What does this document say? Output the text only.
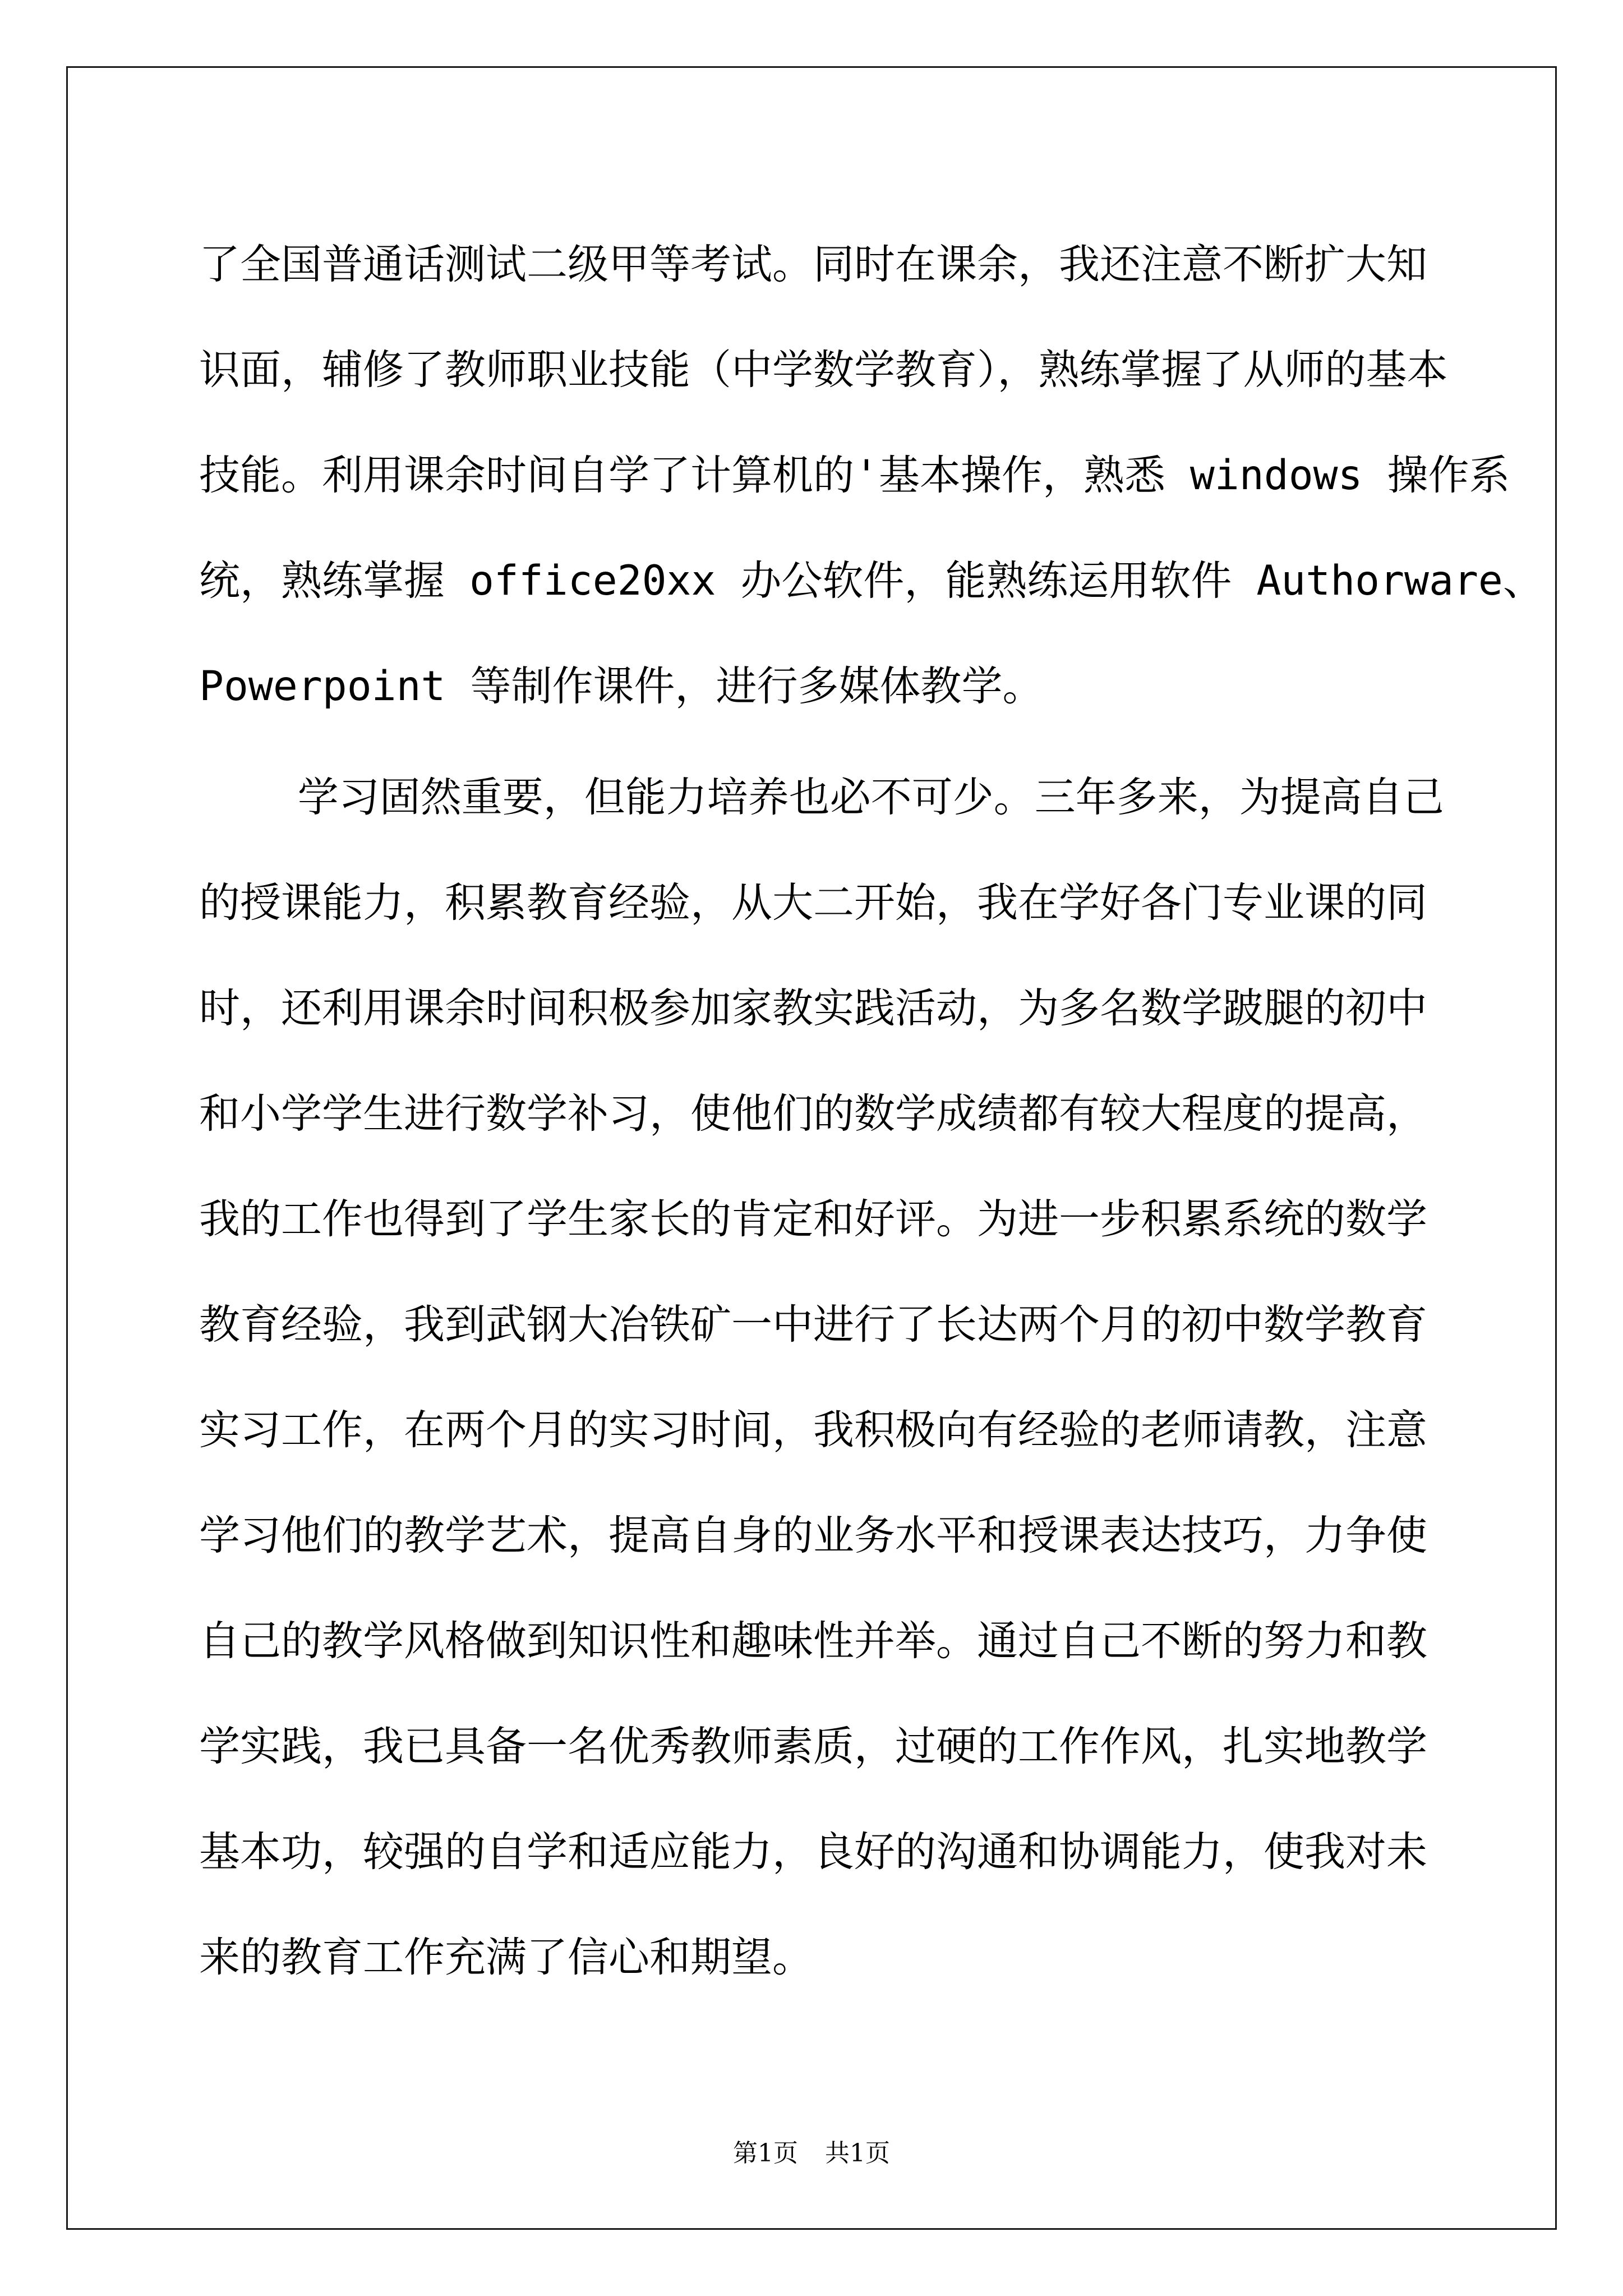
了全国普通话测试二级甲等考试。同时在课余，我还注意不断扩大知
识面，辅修了教师职业技能（中学数学教育），熟练掌握了从师的基本
技能。利用课余时间自学了计算机的'基本操作，熟悉 windows 操作系
统，熟练掌握 office20xx 办公软件，能熟练运用软件 Authorware、
Powerpoint 等制作课件，进行多媒体教学。
学习固然重要，但能力培养也必不可少。三年多来，为提高自己
的授课能力，积累教育经验，从大二开始，我在学好各门专业课的同
时，还利用课余时间积极参加家教实践活动，为多名数学跛腿的初中
和小学学生进行数学补习，使他们的数学成绩都有较大程度的提高，
我的工作也得到了学生家长的肯定和好评。为进一步积累系统的数学
教育经验，我到武钢大冶铁矿一中进行了长达两个月的初中数学教育
实习工作，在两个月的实习时间，我积极向有经验的老师请教，注意
学习他们的教学艺术，提高自身的业务水平和授课表达技巧，力争使
自己的教学风格做到知识性和趣味性并举。通过自己不断的努力和教
学实践，我已具备一名优秀教师素质，过硬的工作作风，扎实地教学
基本功，较强的自学和适应能力，良好的沟通和协调能力，使我对未
来的教育工作充满了信心和期望。
第1页 共1页
